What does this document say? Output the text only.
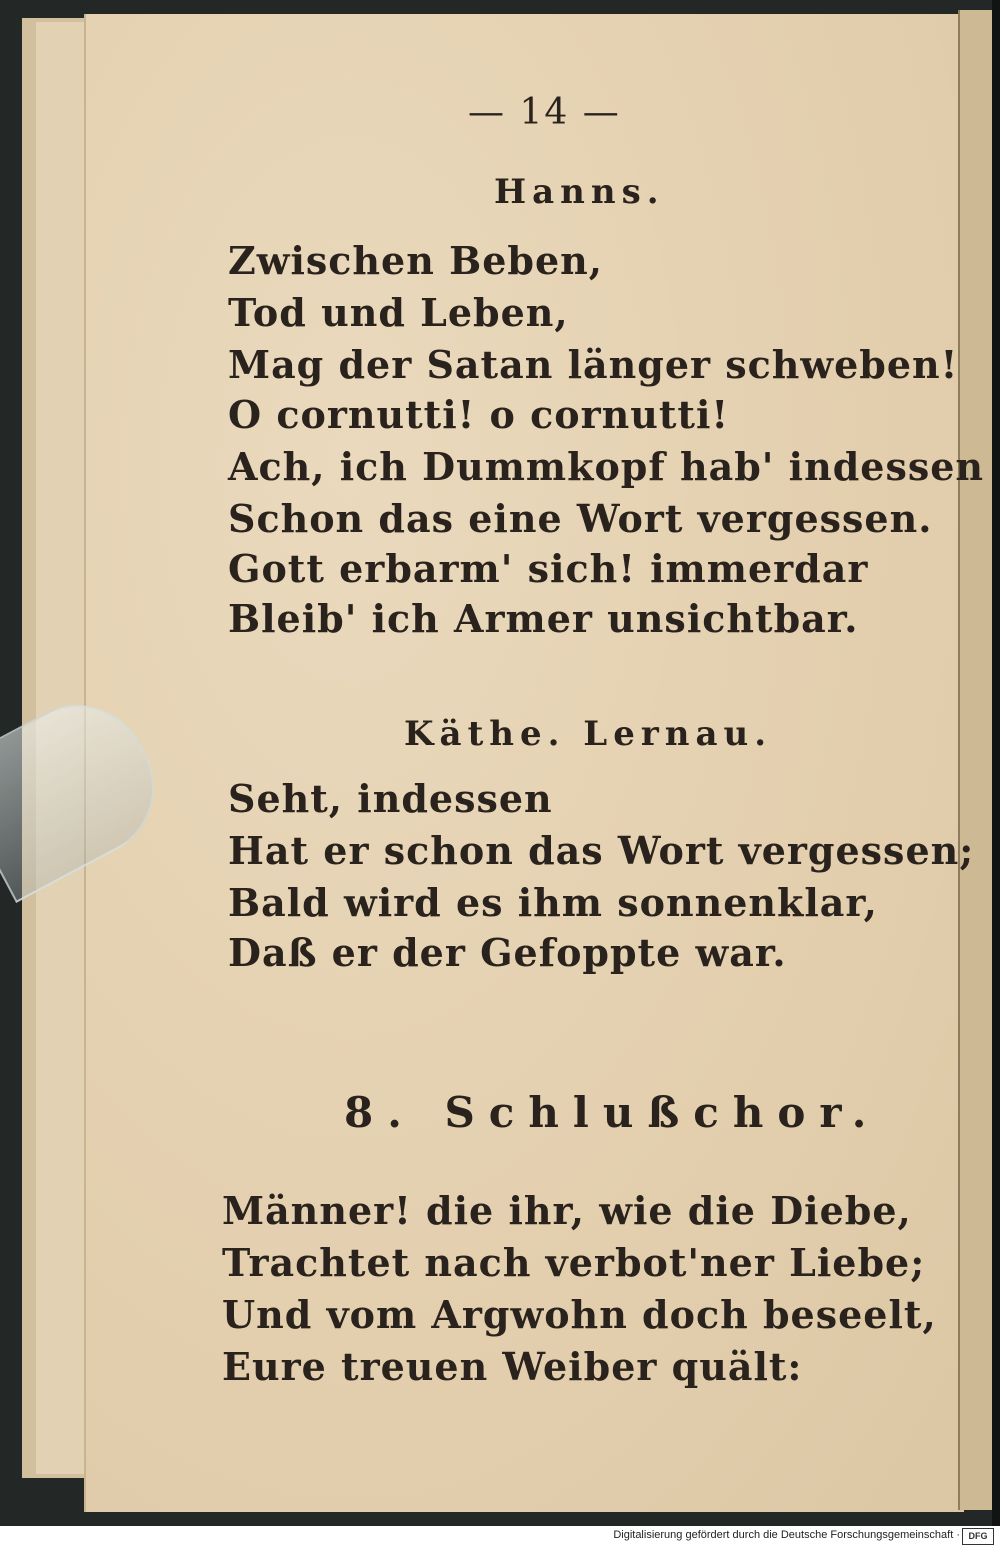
— 14 —
Hanns.
Zwischen Beben,
Tod und Leben,
Mag der Satan länger schweben!
O cornutti! o cornutti!
Ach, ich Dummkopf hab' indessen
Schon das eine Wort vergessen.
Gott erbarm' sich! immerdar
Bleib' ich Armer unsichtbar.
Käthe. Lernau.
Seht, indessen
Hat er schon das Wort vergessen;
Bald wird es ihm sonnenklar,
Daß er der Gefoppte war.
8. Schlußchor.
Männer! die ihr, wie die Diebe,
Trachtet nach verbot'ner Liebe;
Und vom Argwohn doch beseelt,
Eure treuen Weiber quält:
Digitalisierung gefördert durch die Deutsche Forschungsgemeinschaft · DFG
